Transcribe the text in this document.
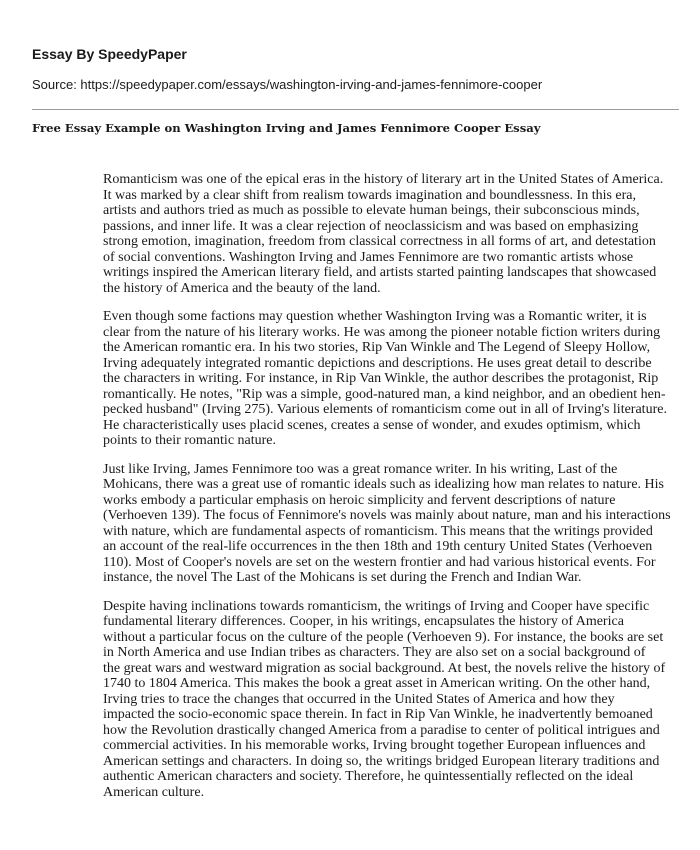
Essay By SpeedyPaper
Source: https://speedypaper.com/essays/washington-irving-and-james-fennimore-cooper
Free Essay Example on Washington Irving and James Fennimore Cooper Essay

Romanticism was one of the epical eras in the history of literary art in the United States of America.
It was marked by a clear shift from realism towards imagination and boundlessness. In this era,
artists and authors tried as much as possible to elevate human beings, their subconscious minds,
passions, and inner life. It was a clear rejection of neoclassicism and was based on emphasizing
strong emotion, imagination, freedom from classical correctness in all forms of art, and detestation
of social conventions. Washington Irving and James Fennimore are two romantic artists whose
writings inspired the American literary field, and artists started painting landscapes that showcased
the history of America and the beauty of the land.

Even though some factions may question whether Washington Irving was a Romantic writer, it is
clear from the nature of his literary works. He was among the pioneer notable fiction writers during
the American romantic era. In his two stories, Rip Van Winkle and The Legend of Sleepy Hollow,
Irving adequately integrated romantic depictions and descriptions. He uses great detail to describe
the characters in writing. For instance, in Rip Van Winkle, the author describes the protagonist, Rip
romantically. He notes, "Rip was a simple, good-natured man, a kind neighbor, and an obedient hen-
pecked husband" (Irving 275). Various elements of romanticism come out in all of Irving's literature.
He characteristically uses placid scenes, creates a sense of wonder, and exudes optimism, which
points to their romantic nature.

Just like Irving, James Fennimore too was a great romance writer. In his writing, Last of the
Mohicans, there was a great use of romantic ideals such as idealizing how man relates to nature. His
works embody a particular emphasis on heroic simplicity and fervent descriptions of nature
(Verhoeven 139). The focus of Fennimore's novels was mainly about nature, man and his interactions
with nature, which are fundamental aspects of romanticism. This means that the writings provided
an account of the real-life occurrences in the then 18th and 19th century United States (Verhoeven
110). Most of Cooper's novels are set on the western frontier and had various historical events. For
instance, the novel The Last of the Mohicans is set during the French and Indian War.

Despite having inclinations towards romanticism, the writings of Irving and Cooper have specific
fundamental literary differences. Cooper, in his writings, encapsulates the history of America
without a particular focus on the culture of the people (Verhoeven 9). For instance, the books are set
in North America and use Indian tribes as characters. They are also set on a social background of
the great wars and westward migration as social background. At best, the novels relive the history of
1740 to 1804 America. This makes the book a great asset in American writing. On the other hand,
Irving tries to trace the changes that occurred in the United States of America and how they
impacted the socio-economic space therein. In fact in Rip Van Winkle, he inadvertently bemoaned
how the Revolution drastically changed America from a paradise to center of political intrigues and
commercial activities. In his memorable works, Irving brought together European influences and
American settings and characters. In doing so, the writings bridged European literary traditions and
authentic American characters and society. Therefore, he quintessentially reflected on the ideal
American culture.
